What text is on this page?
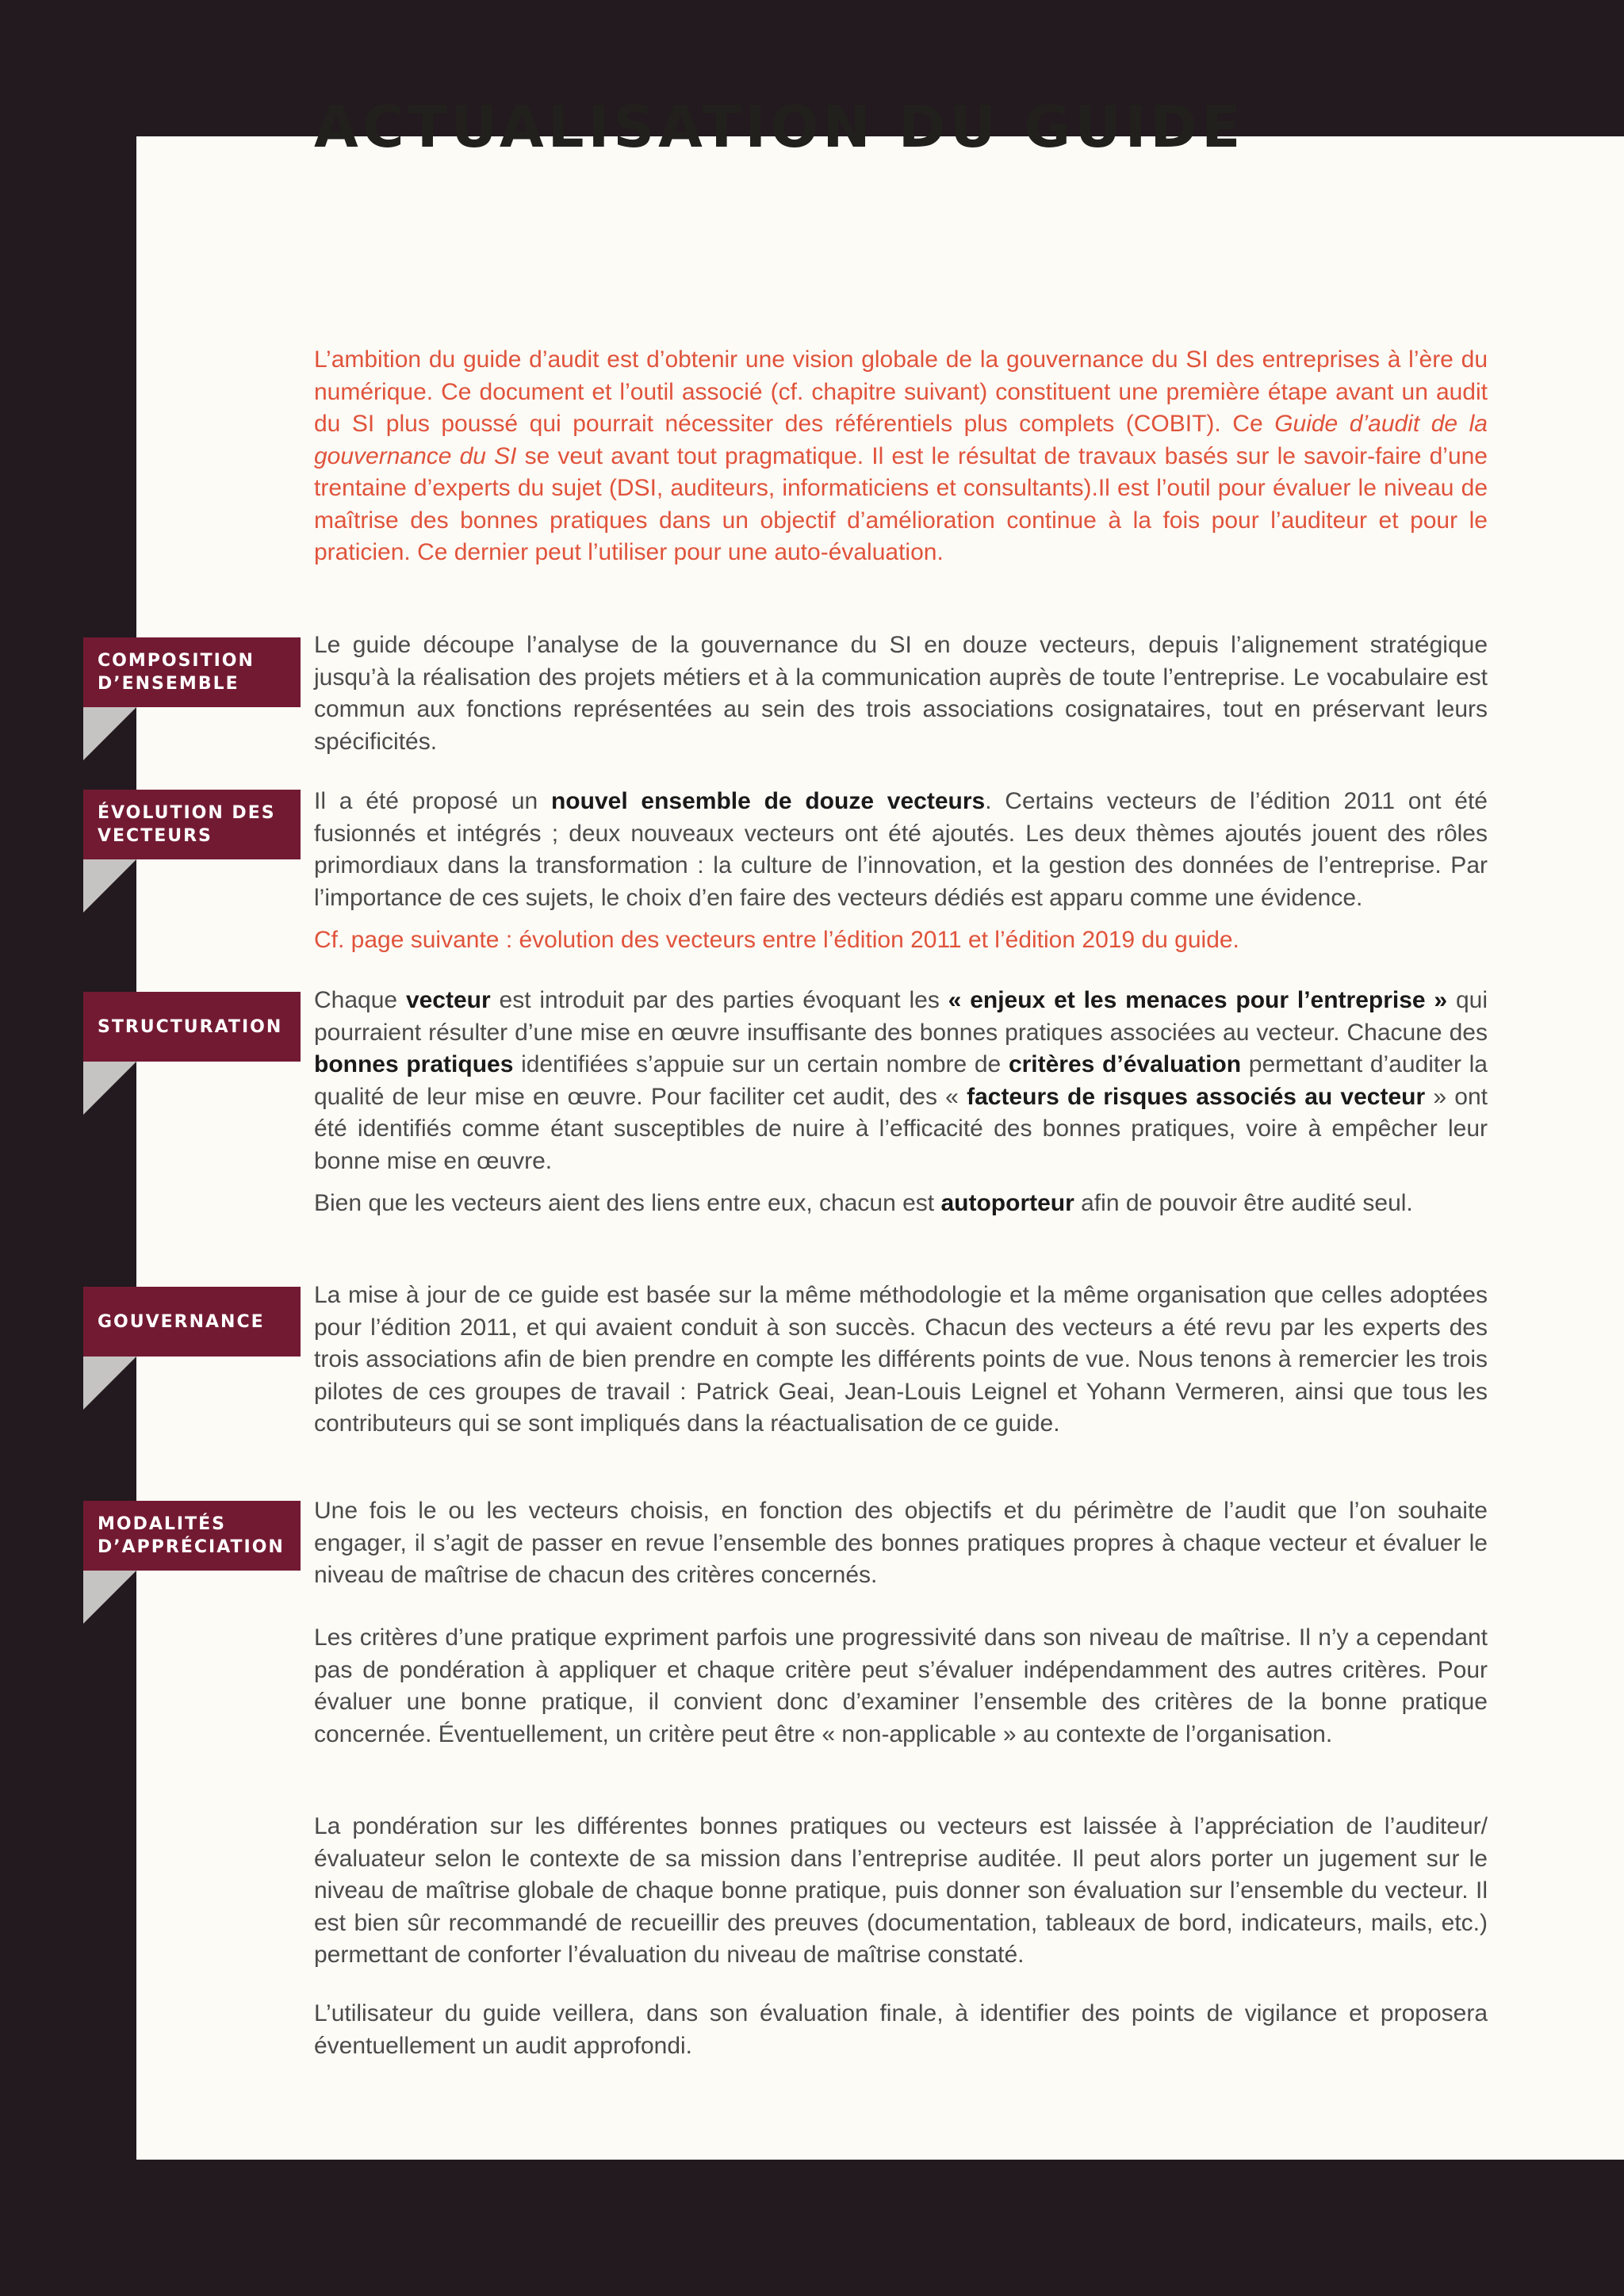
COMPOSITION
D’ENSEMBLE
ÉVOLUTION DES
VECTEURS
STRUCTURATION
GOUVERNANCE
MODALITÉS
D’APPRÉCIATION
ACTUALISATION DU GUIDE

L’ambition du guide d’audit est d’obtenir une vision globale de la gouvernance du SI des entreprises à l’ère du numérique. Ce document et l’outil associé (cf. chapitre suivant) constituent une première étape avant un audit du SI plus poussé qui pourrait nécessiter des référentiels plus complets (COBIT). Ce Guide d’audit de la gouvernance du SI se veut avant tout pragmatique. Il est le résultat de travaux basés sur le savoir-faire d’une trentaine d’experts du sujet (DSI, auditeurs, informaticiens et consultants).Il est l’outil pour évaluer le niveau de maîtrise des bonnes pratiques dans un objectif d’amélioration continue à la fois pour l’auditeur et pour le praticien. Ce dernier peut l’utiliser pour une auto-évaluation.

Le guide découpe l’analyse de la gouvernance du SI en douze vecteurs, depuis l’alignement stratégique jusqu’à la réalisation des projets métiers et à la communication auprès de toute l’entreprise. Le vocabulaire est commun aux fonctions représentées au sein des trois associations cosignataires, tout en préservant leurs spécificités.

Il a été proposé un nouvel ensemble de douze vecteurs. Certains vecteurs de l’édition 2011 ont été fusionnés et intégrés ; deux nouveaux vecteurs ont été ajoutés. Les deux thèmes ajoutés jouent des rôles primordiaux dans la transformation : la culture de l’innovation, et la gestion des données de l’entreprise. Par l’importance de ces sujets, le choix d’en faire des vecteurs dédiés est apparu comme une évidence.

Cf. page suivante : évolution des vecteurs entre l’édition 2011 et l’édition 2019 du guide.

Chaque vecteur est introduit par des parties évoquant les « enjeux et les menaces pour l’entreprise » qui pourraient résulter d’une mise en œuvre insuffisante des bonnes pratiques associées au vecteur. Chacune des bonnes pratiques identifiées s’appuie sur un certain nombre de critères d’évaluation permettant d’auditer la qualité de leur mise en œuvre. Pour faciliter cet audit, des « facteurs de risques associés au vecteur » ont été identifiés comme étant susceptibles de nuire à l’efficacité des bonnes pratiques, voire à empêcher leur bonne mise en œuvre.

Bien que les vecteurs aient des liens entre eux, chacun est autoporteur afin de pouvoir être audité seul.

La mise à jour de ce guide est basée sur la même méthodologie et la même organisation que celles adoptées pour l’édition 2011, et qui avaient conduit à son succès. Chacun des vecteurs a été revu par les experts des trois associations afin de bien prendre en compte les différents points de vue. Nous tenons à remercier les trois pilotes de ces groupes de travail : Patrick Geai, Jean-Louis Leignel et Yohann Vermeren, ainsi que tous les contributeurs qui se sont impliqués dans la réactualisation de ce guide.

Une fois le ou les vecteurs choisis, en fonction des objectifs et du périmètre de l’audit que l’on souhaite engager, il s’agit de passer en revue l’ensemble des bonnes pratiques propres à chaque vecteur et évaluer le niveau de maîtrise de chacun des critères concernés.

Les critères d’une pratique expriment parfois une progressivité dans son niveau de maîtrise. Il n’y a cependant pas de pondération à appliquer et chaque critère peut s’évaluer indépendamment des autres critères. Pour évaluer une bonne pratique, il convient donc d’examiner l’ensemble des critères de la bonne pratique concernée. Éventuellement, un critère peut être « non-applicable » au contexte de l’organisation.

La pondération sur les différentes bonnes pratiques ou vecteurs est laissée à l’appréciation de l’auditeur/évaluateur selon le contexte de sa mission dans l’entreprise auditée. Il peut alors porter un jugement sur le niveau de maîtrise globale de chaque bonne pratique, puis donner son évaluation sur l’ensemble du vecteur. Il est bien sûr recommandé de recueillir des preuves (documentation, tableaux de bord, indicateurs, mails, etc.) permettant de conforter l’évaluation du niveau de maîtrise constaté.

L’utilisateur du guide veillera, dans son évaluation finale, à identifier des points de vigilance et proposera éventuellement un audit approfondi.
